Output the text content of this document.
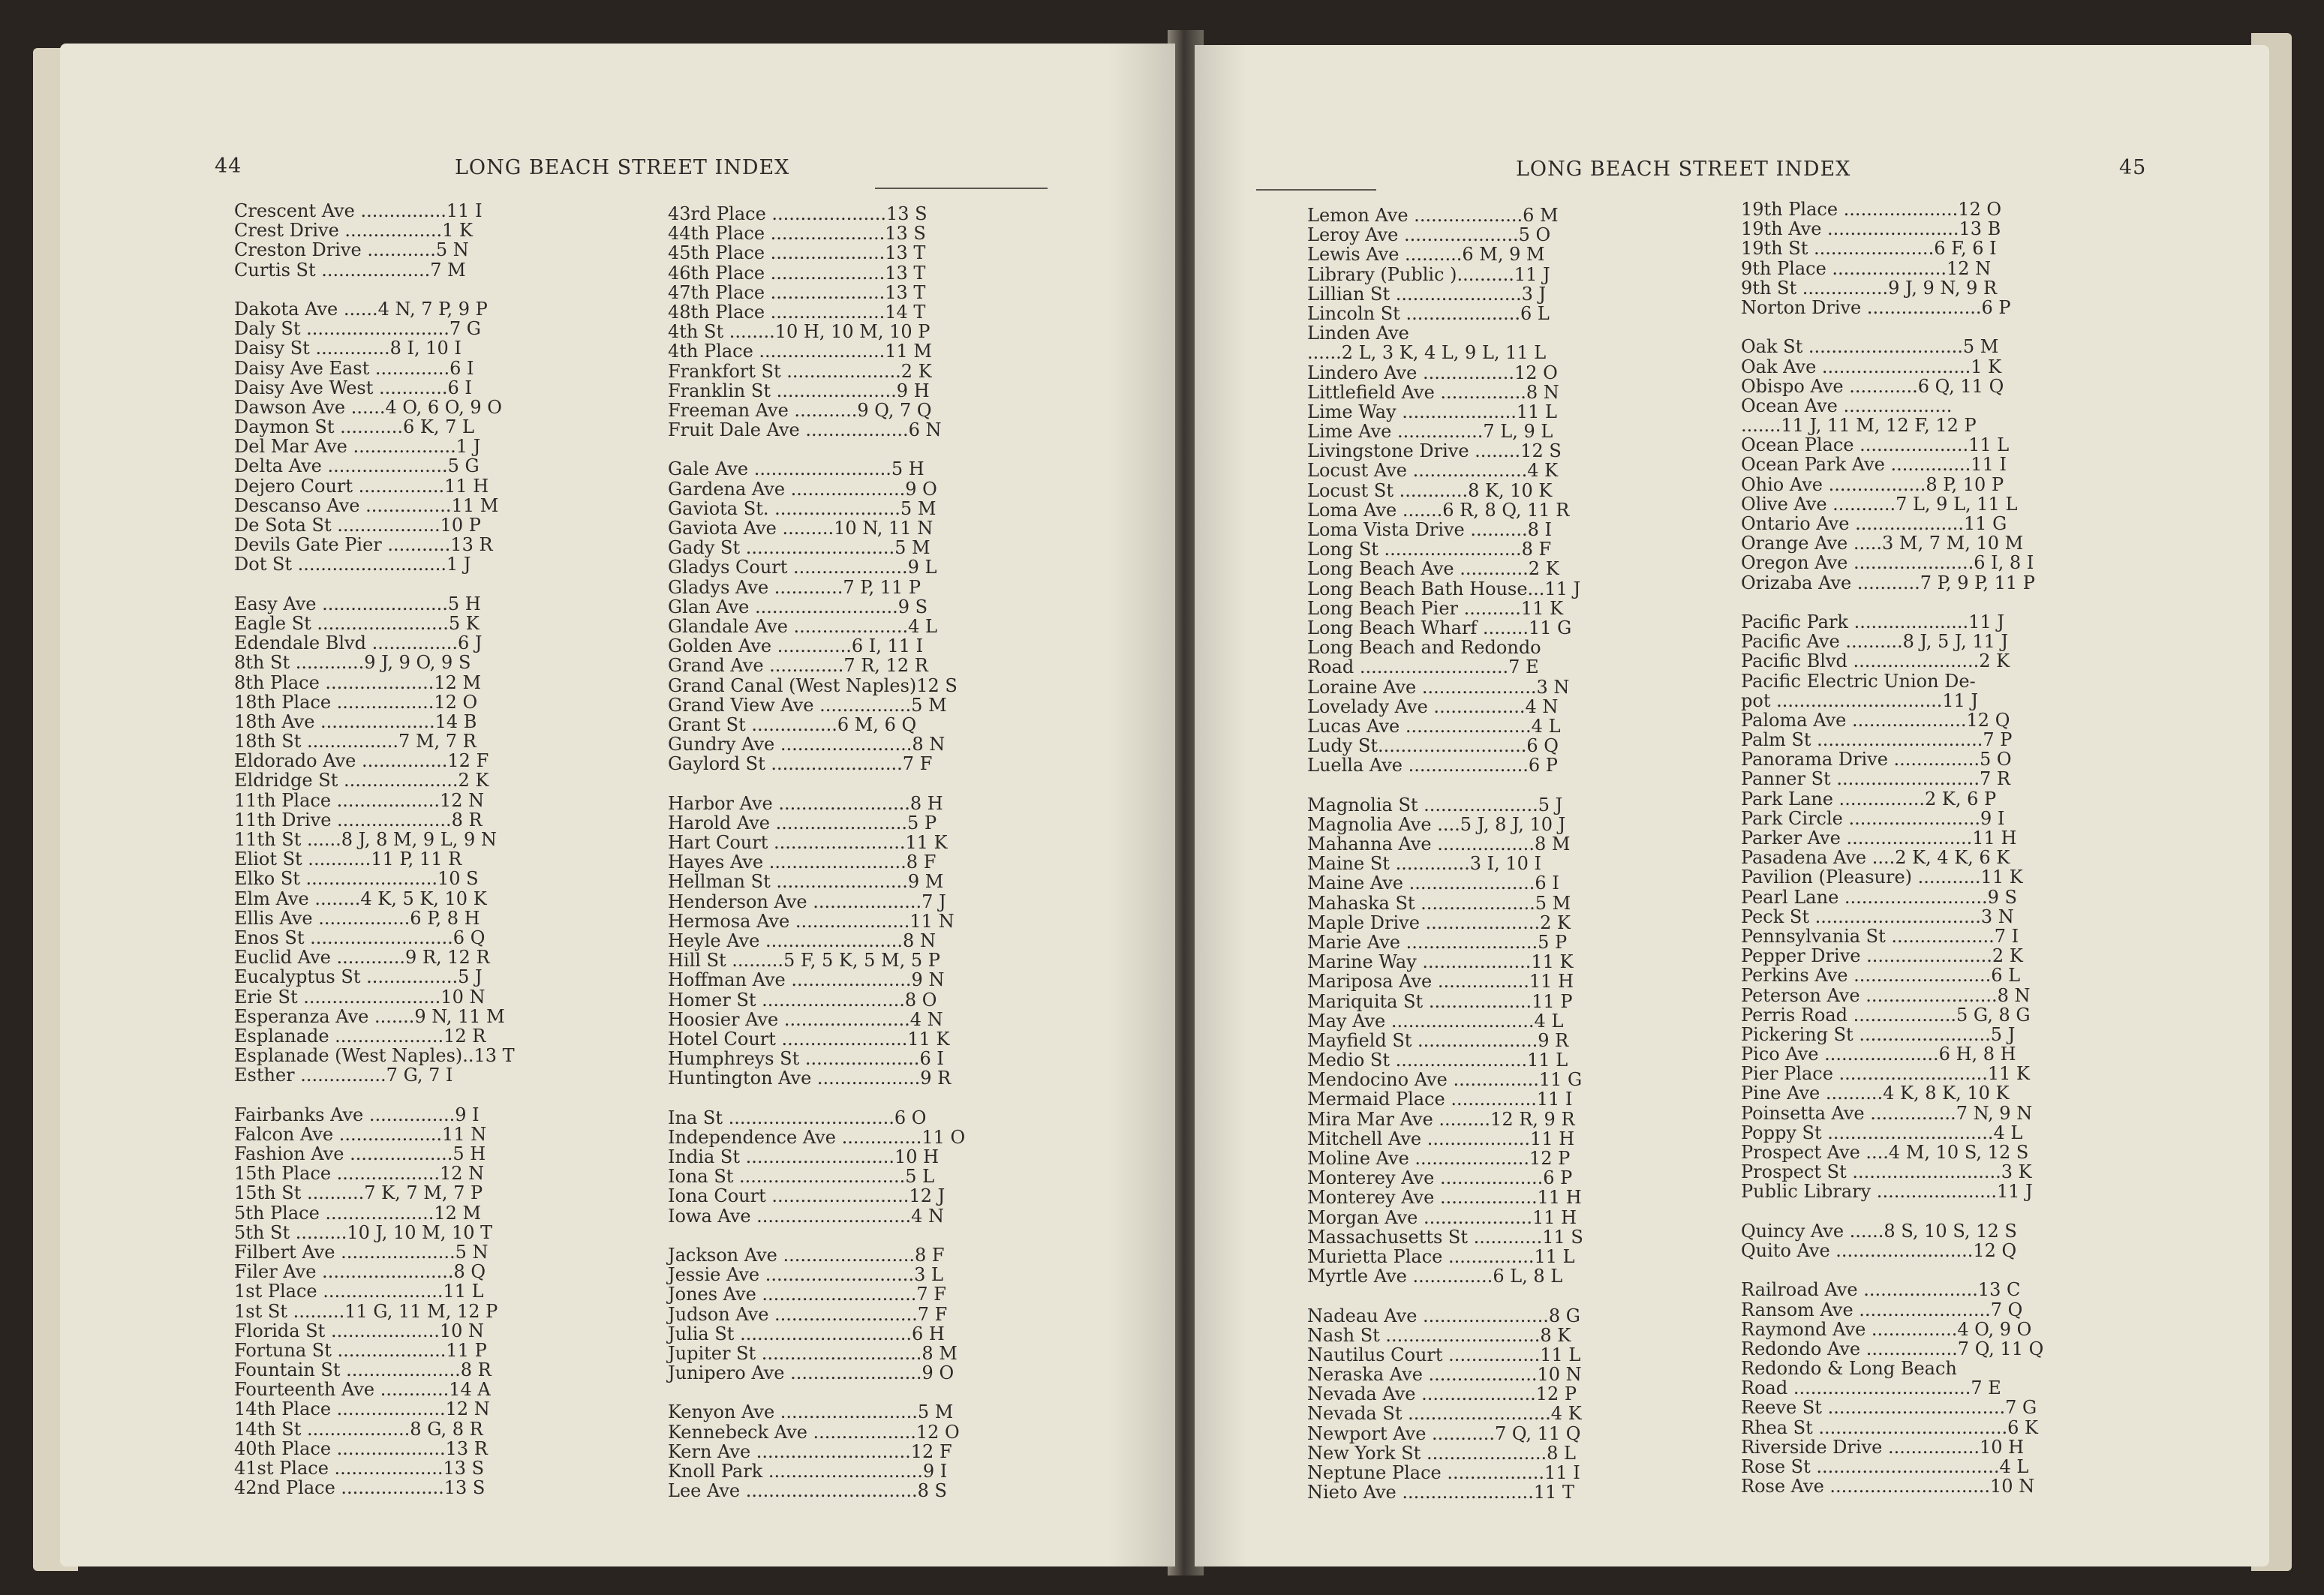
44	LONG BEACH STREET INDEX
Crescent Ave ...............11 I
Crest Drive .................1 K
Creston Drive ............5 N
Curtis St ...................7 M
Dakota Ave ......4 N, 7 P, 9 P
Daly St .........................7 G
Daisy St .............8 I, 10 I
Daisy Ave East .............6 I
Daisy Ave West ............6 I
Dawson Ave ......4 O, 6 O, 9 O
Daymon St ...........6 K, 7 L
Del Mar Ave ..................1 J
Delta Ave .....................5 G
Dejero Court ...............11 H
Descanso Ave ...............11 M
De Sota St ..................10 P
Devils Gate Pier ...........13 R
Dot St ..........................1 J
Easy Ave ......................5 H
Eagle St .......................5 K
Edendale Blvd ...............6 J
8th St ............9 J, 9 O, 9 S
8th Place ...................12 M
18th Place .................12 O
18th Ave ....................14 B
18th St ................7 M, 7 R
Eldorado Ave ...............12 F
Eldridge St ....................2 K
11th Place ..................12 N
11th Drive ....................8 R
11th St ......8 J, 8 M, 9 L, 9 N
Eliot St ...........11 P, 11 R
Elko St .......................10 S
Elm Ave ........4 K, 5 K, 10 K
Ellis Ave ................6 P, 8 H
Enos St .........................6 Q
Euclid Ave ............9 R, 12 R
Eucalyptus St ................5 J
Erie St ........................10 N
Esperanza Ave .......9 N, 11 M
Esplanade ...................12 R
Esplanade (West Naples)..13 T
Esther ...............7 G, 7 I
Fairbanks Ave ...............9 I
Falcon Ave ..................11 N
Fashion Ave ..................5 H
15th Place ..................12 N
15th St ..........7 K, 7 M, 7 P
5th Place ...................12 M
5th St .........10 J, 10 M, 10 T
Filbert Ave ....................5 N
Filer Ave .......................8 Q
1st Place .....................11 L
1st St .........11 G, 11 M, 12 P
Florida St ...................10 N
Fortuna St ...................11 P
Fountain St ....................8 R
Fourteenth Ave ............14 A
14th Place ...................12 N
14th St ..................8 G, 8 R
40th Place ...................13 R
41st Place ...................13 S
42nd Place ..................13 S
43rd Place ....................13 S
44th Place ....................13 S
45th Place ....................13 T
46th Place ....................13 T
47th Place ....................13 T
48th Place ....................14 T
4th St ........10 H, 10 M, 10 P
4th Place ......................11 M
Frankfort St ....................2 K
Franklin St .....................9 H
Freeman Ave ...........9 Q, 7 Q
Fruit Dale Ave ..................6 N
Gale Ave ........................5 H
Gardena Ave ....................9 O
Gaviota St. ......................5 M
Gaviota Ave .........10 N, 11 N
Gady St ..........................5 M
Gladys Court ....................9 L
Gladys Ave ............7 P, 11 P
Glan Ave .........................9 S
Glandale Ave ....................4 L
Golden Ave .............6 I, 11 I
Grand Ave .............7 R, 12 R
Grand Canal (West Naples)12 S
Grand View Ave ................5 M
Grant St ...............6 M, 6 Q
Gundry Ave .......................8 N
Gaylord St .......................7 F
Harbor Ave .......................8 H
Harold Ave .......................5 P
Hart Court .......................11 K
Hayes Ave ........................8 F
Hellman St .......................9 M
Henderson Ave ...................7 J
Hermosa Ave ....................11 N
Heyle Ave ........................8 N
Hill St .........5 F, 5 K, 5 M, 5 P
Hoffman Ave .....................9 N
Homer St .........................8 O
Hoosier Ave ......................4 N
Hotel Court ......................11 K
Humphreys St ....................6 I
Huntington Ave ..................9 R
Ina St .............................6 O
Independence Ave ..............11 O
India St ..........................10 H
Iona St .............................5 L
Iona Court ........................12 J
Iowa Ave ...........................4 N
Jackson Ave .......................8 F
Jessie Ave ..........................3 L
Jones Ave ...........................7 F
Judson Ave .........................7 F
Julia St ..............................6 H
Jupiter St ............................8 M
Junipero Ave .......................9 O
Kenyon Ave ........................5 M
Kennebeck Ave ..................12 O
Kern Ave ...........................12 F
Knoll Park ...........................9 I
Lee Ave ..............................8 S
LONG BEACH STREET INDEX	45
Lemon Ave ...................6 M
Leroy Ave ....................5 O
Lewis Ave ..........6 M, 9 M
Library (Public )..........11 J
Lillian St ......................3 J
Lincoln St ....................6 L
Linden Ave
......2 L, 3 K, 4 L, 9 L, 11 L
Lindero Ave ................12 O
Littlefield Ave ...............8 N
Lime Way ....................11 L
Lime Ave ...............7 L, 9 L
Livingstone Drive ........12 S
Locust Ave ....................4 K
Locust St ............8 K, 10 K
Loma Ave .......6 R, 8 Q, 11 R
Loma Vista Drive ..........8 I
Long St ........................8 F
Long Beach Ave ............2 K
Long Beach Bath House...11 J
Long Beach Pier ..........11 K
Long Beach Wharf ........11 G
Long Beach and Redondo
Road ..........................7 E
Loraine Ave ....................3 N
Lovelady Ave ................4 N
Lucas Ave ......................4 L
Ludy St..........................6 Q
Luella Ave .....................6 P
Magnolia St ....................5 J
Magnolia Ave ....5 J, 8 J, 10 J
Mahanna Ave .................8 M
Maine St .............3 I, 10 I
Maine Ave ......................6 I
Mahaska St ....................5 M
Maple Drive ....................2 K
Marie Ave .......................5 P
Marine Way ...................11 K
Mariposa Ave ................11 H
Mariquita St ..................11 P
May Ave .........................4 L
Mayfield St .....................9 R
Medio St .......................11 L
Mendocino Ave ...............11 G
Mermaid Place ...............11 I
Mira Mar Ave .........12 R, 9 R
Mitchell Ave ..................11 H
Moline Ave ....................12 P
Monterey Ave ..................6 P
Monterey Ave .................11 H
Morgan Ave ...................11 H
Massachusetts St ............11 S
Murietta Place ...............11 L
Myrtle Ave ..............6 L, 8 L
Nadeau Ave ......................8 G
Nash St ...........................8 K
Nautilus Court ................11 L
Neraska Ave ...................10 N
Nevada Ave ....................12 P
Nevada St .........................4 K
Newport Ave ...........7 Q, 11 Q
New York St .....................8 L
Neptune Place .................11 I
Nieto Ave .......................11 T
19th Place ....................12 O
19th Ave .......................13 B
19th St .....................6 F, 6 I
9th Place ....................12 N
9th St ...............9 J, 9 N, 9 R
Norton Drive ....................6 P
Oak St ...........................5 M
Oak Ave ..........................1 K
Obispo Ave ............6 Q, 11 Q
Ocean Ave ...................
.......11 J, 11 M, 12 F, 12 P
Ocean Place ...................11 L
Ocean Park Ave ..............11 I
Ohio Ave .................8 P, 10 P
Olive Ave ...........7 L, 9 L, 11 L
Ontario Ave ...................11 G
Orange Ave .....3 M, 7 M, 10 M
Oregon Ave .....................6 I, 8 I
Orizaba Ave ...........7 P, 9 P, 11 P
Pacific Park ....................11 J
Pacific Ave ..........8 J, 5 J, 11 J
Pacific Blvd ......................2 K
Pacific Electric Union De-
pot .............................11 J
Paloma Ave ....................12 Q
Palm St .............................7 P
Panorama Drive ...............5 O
Panner St .........................7 R
Park Lane ...............2 K, 6 P
Park Circle .......................9 I
Parker Ave ......................11 H
Pasadena Ave ....2 K, 4 K, 6 K
Pavilion (Pleasure) ...........11 K
Pearl Lane .........................9 S
Peck St .............................3 N
Pennsylvania St ..................7 I
Pepper Drive ......................2 K
Perkins Ave ........................6 L
Peterson Ave .......................8 N
Perris Road ..................5 G, 8 G
Pickering St .......................5 J
Pico Ave ....................6 H, 8 H
Pier Place ..........................11 K
Pine Ave ..........4 K, 8 K, 10 K
Poinsetta Ave ...............7 N, 9 N
Poppy St .............................4 L
Prospect Ave ....4 M, 10 S, 12 S
Prospect St ..........................3 K
Public Library .....................11 J
Quincy Ave ......8 S, 10 S, 12 S
Quito Ave ........................12 Q
Railroad Ave ....................13 C
Ransom Ave .......................7 Q
Raymond Ave ...............4 O, 9 O
Redondo Ave ................7 Q, 11 Q
Redondo & Long Beach
Road ...............................7 E
Reeve St ...............................7 G
Rhea St .................................6 K
Riverside Drive ................10 H
Rose St ................................4 L
Rose Ave ............................10 N
